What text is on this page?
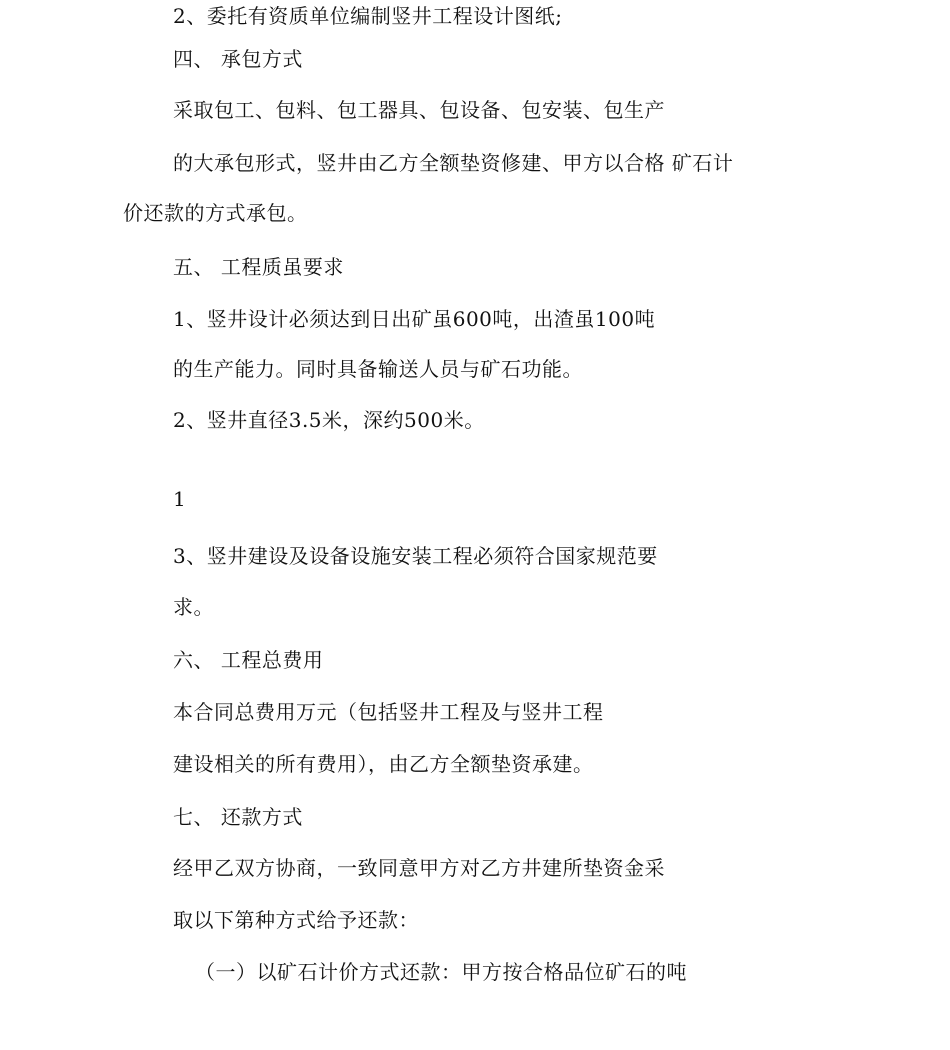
2、委托有资质单位编制竖井工程设计图纸;
四、 承包方式
采取包工、包料、包工器具、包设备、包安装、包生产
的大承包形式，竖井由乙方全额垫资修建、甲方以合格 矿石计
价还款的方式承包。
五、 工程质虽要求
1、竖井设计必须达到日出矿虽600吨，出渣虽100吨
的生产能力。同时具备输送人员与矿石功能。
2、竖井直径3.5米，深约500米。
1
3、竖井建设及设备设施安装工程必须符合国家规范要
求。
六、 工程总费用
本合同总费用万元（包括竖井工程及与竖井工程
建设相关的所有费用），由乙方全额垫资承建。
七、 还款方式
经甲乙双方协商，一致同意甲方对乙方井建所垫资金采
取以下第种方式给予还款：
（一）以矿石计价方式还款：甲方按合格品位矿石的吨
